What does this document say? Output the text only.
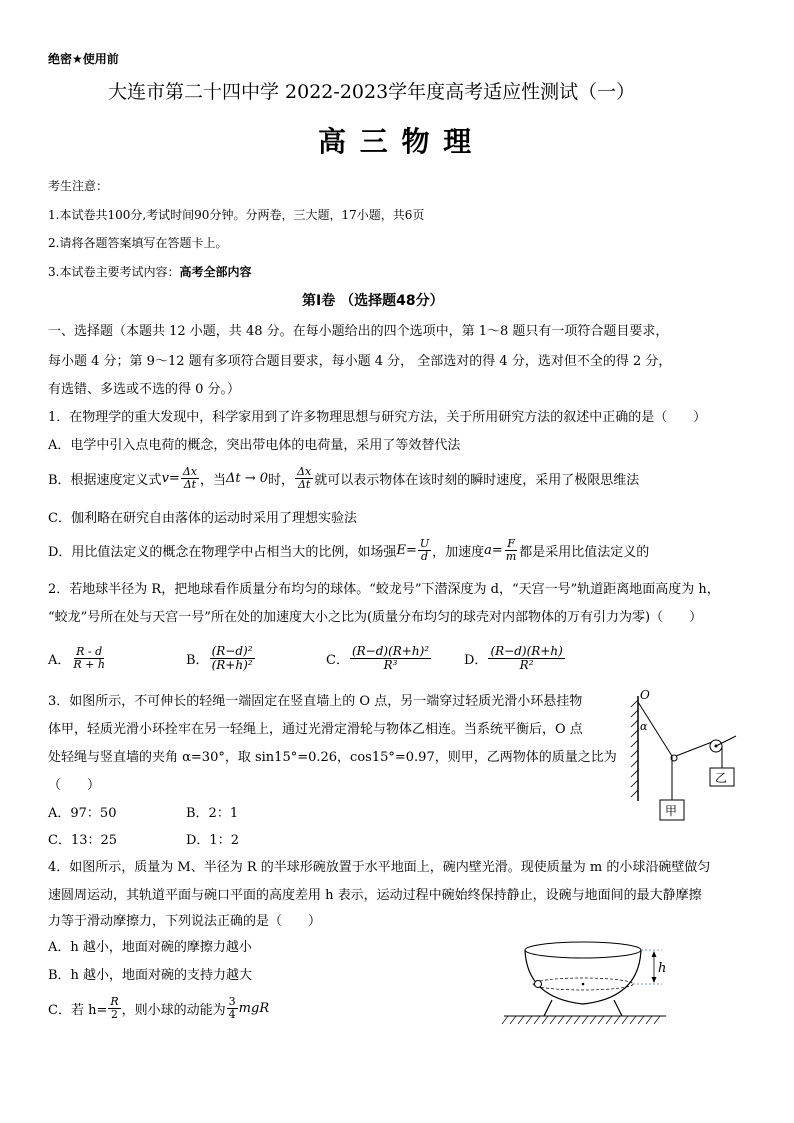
绝密★使用前
大连市第二十四中学 2022-2023学年度高考适应性测试（一）
高 三 物 理
考生注意：
1.本试卷共100分,考试时间90分钟。分两卷，三大题，17小题，共6页
2.请将各题答案填写在答题卡上。
3.本试卷主要考试内容：高考全部内容
第Ⅰ卷 （选择题48分）
一、选择题（本题共 12 小题，共 48 分。在每小题给出的四个选项中，第 1～8 题只有一项符合题目要求，
每小题 4 分；第 9～12 题有多项符合题目要求，每小题 4 分， 全部选对的得 4 分，选对但不全的得 2 分，
有选错、多选或不选的得 0 分。）
1．在物理学的重大发现中，科学家用到了许多物理思想与研究方法，关于所用研究方法的叙述中正确的是（　　）
A．电学中引入点电荷的概念，突出带电体的电荷量，采用了等效替代法
B．根据速度定义式 $v = \frac{\Delta x}{\Delta t}$ ，当 Δt → 0 时， $\frac{\Delta x}{\Delta t}$ 就可以表示物体在该时刻的瞬时速度，采用了极限思维法
C．伽利略在研究自由落体的运动时采用了理想实验法
D．用比值法定义的概念在物理学中占相当大的比例，如场强 $E = \frac{U}{d}$ ，加速度 $a = \frac{F}{m}$ 都是采用比值法定义的
2．若地球半径为 R，把地球看作质量分布均匀的球体。“蛟龙号”下潜深度为 d，“天宫一号”轨道距离地面高度为 h，
“蛟龙”号所在处与天宫一号”所在处的加速度大小之比为(质量分布均匀的球壳对内部物体的万有引力为零)（　　）
A． $\frac{R - d}{R + h}$	B． $\frac{\text{(R−d)²}}{\text{(R+h)²}}$	C． $\frac{\text{(R−d)(R+h)²}}{\text{R³}}$	D． $\frac{(R-d)(R+h)}{\text{R²}}$
3．如图所示，不可伸长的轻绳一端固定在竖直墙上的 O 点，另一端穿过轻质光滑小环悬挂物
体甲，轻质光滑小环拴牢在另一轻绳上，通过光滑定滑轮与物体乙相连。当系统平衡后，O 点
处轻绳与竖直墙的夹角 α=30°，取 sin15°=0.26，cos15°=0.97，则甲，乙两物体的质量之比为
（　　）
A．97：50	B．2：1
C．13：25	D．1：2
O
α
甲
乙
4．如图所示，质量为 M、半径为 R 的半球形碗放置于水平地面上，碗内壁光滑。现使质量为 m 的小球沿碗壁做匀
速圆周运动，其轨道平面与碗口平面的高度差用 h 表示，运动过程中碗始终保持静止，设碗与地面间的最大静摩擦
力等于滑动摩擦力，下列说法正确的是（　　）
A．h 越小，地面对碗的摩擦力越小
B．h 越小，地面对碗的支持力越大
C．若 $h= \frac{R}{2}$ ，则小球的动能为 $\frac{3}{4}$ mgR
h
